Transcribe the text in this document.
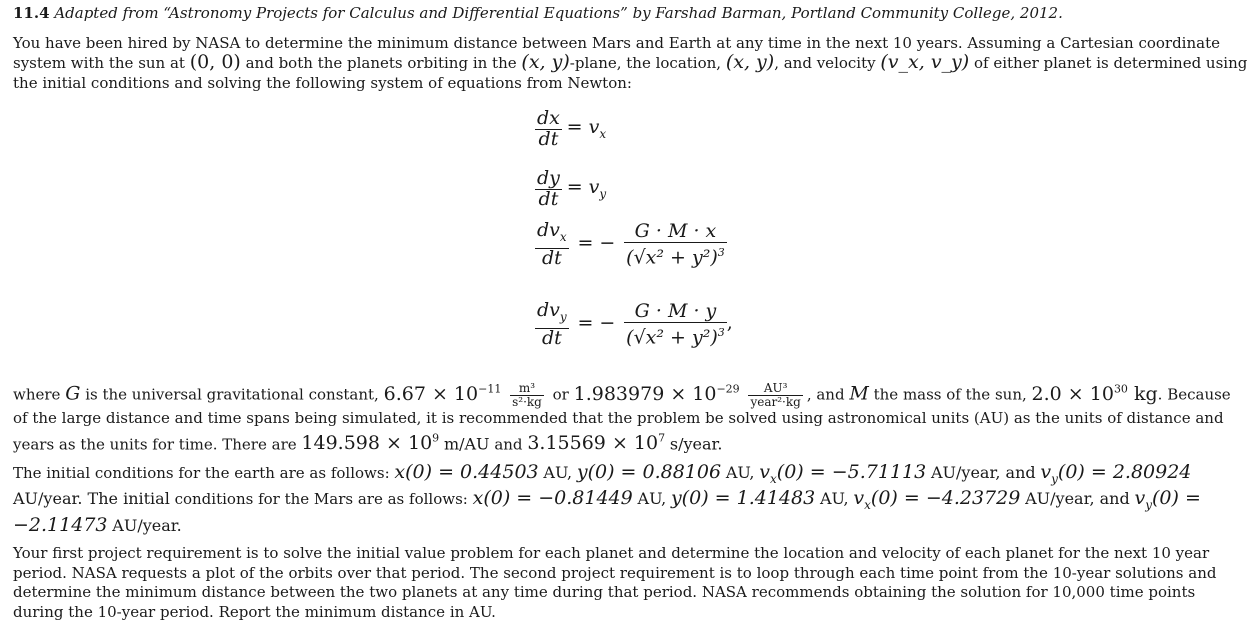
11.4 Adapted from “Astronomy Projects for Calculus and Differential Equations” by Farshad Barman, Portland Community College, 2012.

You have been hired by NASA to determine the minimum distance between Mars and Earth at any time in the next 10 years. Assuming a Cartesian coordinate system with the sun at (0, 0) and both the planets orbiting in the (x, y)-plane, the location, (x, y), and velocity (v_x, v_y) of either planet is determined using the initial conditions and solving the following system of equations from Newton:

$\frac{dx}{dt} = v_x$
$\frac{dy}{dt} = v_y$
$\frac{dv_x}{dt}$ = − $\frac{G \cdot M \cdot x}{(√x^2 + y^2)^3}$
$\frac{dv_y}{dt}$ = − $\frac{G \cdot M \cdot y}{(√x^2 + y^2)^3}$ ,

where G is the universal gravitational constant, $6.67 \times 10^{-11} \frac{\text{m³}}{\text{s²·kg}}$ or $1.983979 \times 10^{-29} \frac{\text{AU³}}{\text{year²·kg}}$ , and M the mass of the sun, $2.0 \times 10^{30}$ kg. Because of the large distance and time spans being simulated, it is recommended that the problem be solved using astronomical units (AU) as the units of distance and years as the units for time. There are $149.598 \times 10^9$ m/AU and $3.15569 \times 10^7$ s/year.

The initial conditions for the earth are as follows: x(0) = 0.44503 AU, y(0) = 0.88106 AU, $v_x(0) = -5.71113$ AU/year, and $v_y(0) = 2.80924$ AU/year. The initial conditions for the Mars are as follows: x(0) = −0.81449 AU, y(0) = 1.41483 AU, $v_x(0) = -4.23729$ AU/year, and $v_y(0) = -2.11473$ AU/year.

Your first project requirement is to solve the initial value problem for each planet and determine the location and velocity of each planet for the next 10 year period. NASA requests a plot of the orbits over that period. The second project requirement is to loop through each time point from the 10-year solutions and determine the minimum distance between the two planets at any time during that period. NASA recommends obtaining the solution for 10,000 time points during the 10-year period. Report the minimum distance in AU.
